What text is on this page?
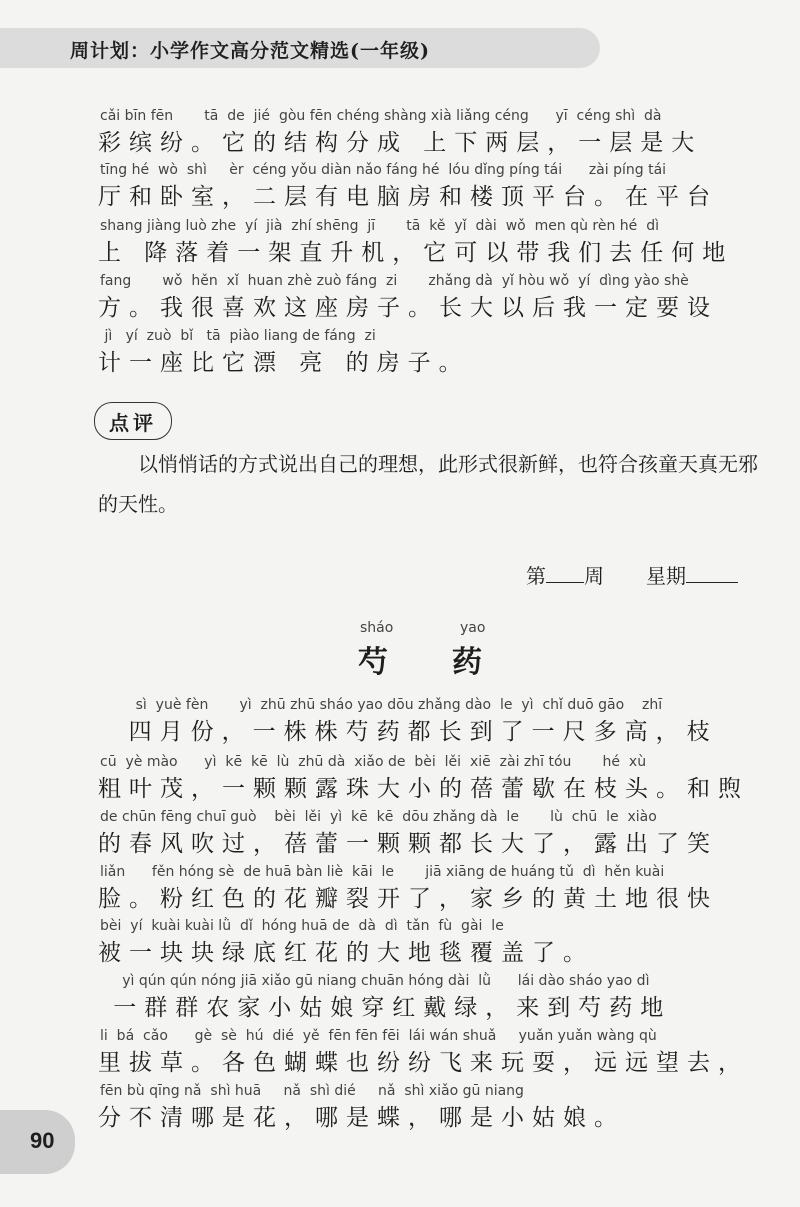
周计划：小学作文高分范文精选(一年级)
cǎi bīn fēn       tā  de  jié  gòu fēn chéng shàng xià liǎng céng      yī  céng shì  dà
彩缤纷。它的结构分成 上下两层，一层是大
tīng hé  wò  shì     èr  céng yǒu diàn nǎo fáng hé  lóu dǐng píng tái      zài píng tái
厅和卧室，二层有电脑房和楼顶平台。在平台
shang jiàng luò zhe  yí  jià  zhí shēng  jī       tā  kě  yǐ  dài  wǒ  men qù rèn hé  dì
上 降落着一架直升机，它可以带我们去任何地
fang       wǒ  hěn  xǐ  huan zhè zuò fáng  zi       zhǎng dà  yǐ hòu wǒ  yí  dìng yào shè
方。我很喜欢这座房子。长大以后我一定要设
jì   yí  zuò  bǐ   tā  piào liang de fáng  zi
计一座比它漂 亮 的房子。
点评
　　以悄悄话的方式说出自己的理想，此形式很新鲜，也符合孩童天真无邪
的天性。
第 周 星期
sháo	yao
芍 药
sì  yuè fèn       yì  zhū zhū sháo yao dōu zhǎng dào  le  yì  chǐ duō gāo    zhī
四月份，一株株芍药都长到了一尺多高，枝
cū  yè mào      yì  kē  kē  lù  zhū dà  xiǎo de  bèi  lěi  xiē  zài zhī tóu       hé  xù
粗叶茂，一颗颗露珠大小的蓓蕾歇在枝头。和煦
de chūn fēng chuī guò    bèi  lěi  yì  kē  kē  dōu zhǎng dà  le       lù  chū  le  xiào
的春风吹过，蓓蕾一颗颗都长大了，露出了笑
liǎn      fěn hóng sè  de huā bàn liè  kāi  le       jiā xiāng de huáng tǔ  dì  hěn kuài
脸。粉红色的花瓣裂开了，家乡的黄土地很快
bèi  yí  kuài kuài lǜ  dǐ  hóng huā de  dà  dì  tǎn  fù  gài  le
被一块块绿底红花的大地毯覆盖了。
yì qún qún nóng jiā xiǎo gū niang chuān hóng dài  lǜ      lái dào sháo yao dì
一群群农家小姑娘穿红戴绿，来到芍药地
li  bá  cǎo      gè  sè  hú  dié  yě  fēn fēn fēi  lái wán shuǎ     yuǎn yuǎn wàng qù
里拔草。各色蝴蝶也纷纷飞来玩耍，远远望去，
fēn bù qīng nǎ  shì huā     nǎ  shì dié     nǎ  shì xiǎo gū niang
分不清哪是花，哪是蝶，哪是小姑娘。
90
